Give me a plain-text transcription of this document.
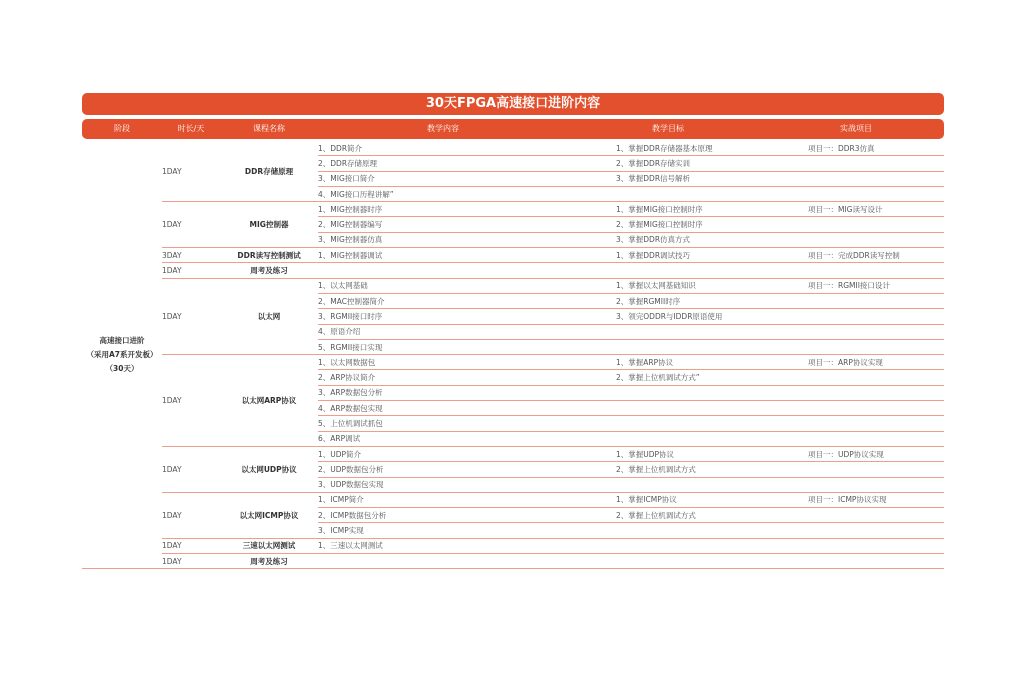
30天FPGA高速接口进阶内容
阶段	时长/天	课程名称	教学内容	教学目标	实战项目
高速接口进阶
（采用A7系开发板）
（30天）	1DAY	DDR存储原理	1、DDR简介	1、掌握DDR存储器基本原理	项目一：DDR3仿真
			2、DDR存储原理	2、掌握DDR存储实训	
			3、MIG接口简介	3、掌握DDR信号解析	
			4、MIG接口历程讲解”		
	1DAY	MIG控制器	1、MIG控制器时序	1、掌握MIG接口控制时序	项目一：MIG读写设计
			2、MIG控制器编写	2、掌握MIG接口控制时序	
			3、MIG控制器仿真	3、掌握DDR仿真方式	
	3DAY	DDR读写控制测试	1、MIG控制器调试	1、掌握DDR调试技巧	项目一：完成DDR读写控制
	1DAY	周考及练习			
	1DAY	以太网	1、以太网基础	1、掌握以太网基础知识	项目一：RGMII接口设计
			2、MAC控制器简介	2、掌握RGMII时序	
			3、RGMII接口时序	3、领完ODDR与IDDR原语使用	
			4、原语介绍		
			5、RGMII接口实现		
	1DAY	以太网ARP协议	1、以太网数据包	1、掌握ARP协议	项目一：ARP协议实现
			2、ARP协议简介	2、掌握上位机调试方式”	
			3、ARP数据包分析		
			4、ARP数据包实现		
			5、上位机调试抓包		
			6、ARP调试		
	1DAY	以太网UDP协议	1、UDP简介	1、掌握UDP协议	项目一：UDP协议实现
			2、UDP数据包分析	2、掌握上位机调试方式	
			3、UDP数据包实现		
	1DAY	以太网ICMP协议	1、ICMP简介	1、掌握ICMP协议	项目一：ICMP协议实现
			2、ICMP数据包分析	2、掌握上位机调试方式	
			3、ICMP实现		
	1DAY	三速以太网测试	1、三速以太网测试		
	1DAY	周考及练习			
